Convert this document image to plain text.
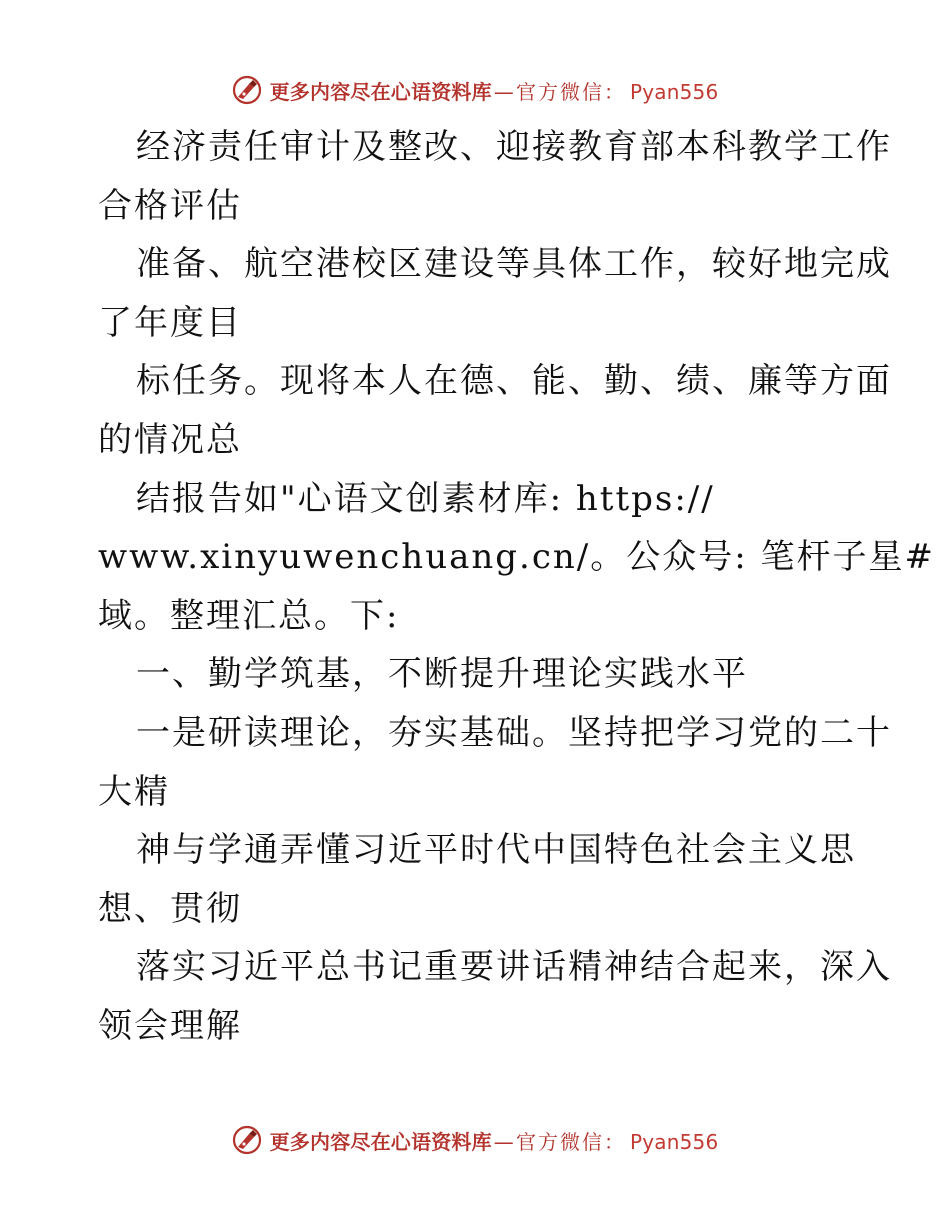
更多内容尽在心语资料库 — 官方微信： Pyan556
经济责任审计及整改、迎接教育部本科教学工作
合格评估
准备、航空港校区建设等具体工作，较好地完成
了年度目
标任务。现将本人在德、能、勤、绩、廉等方面
的情况总
结报告如"心语文创素材库: https://
www.xinyuwenchuang.cn/。公众号: 笔杆子星#
域。整理汇总。下:
一、勤学筑基，不断提升理论实践水平
一是研读理论，夯实基础。坚持把学习党的二十
大精
神与学通弄懂习近平时代中国特色社会主义思
想、贯彻
落实习近平总书记重要讲话精神结合起来，深入
领会理解
更多内容尽在心语资料库 — 官方微信： Pyan556
